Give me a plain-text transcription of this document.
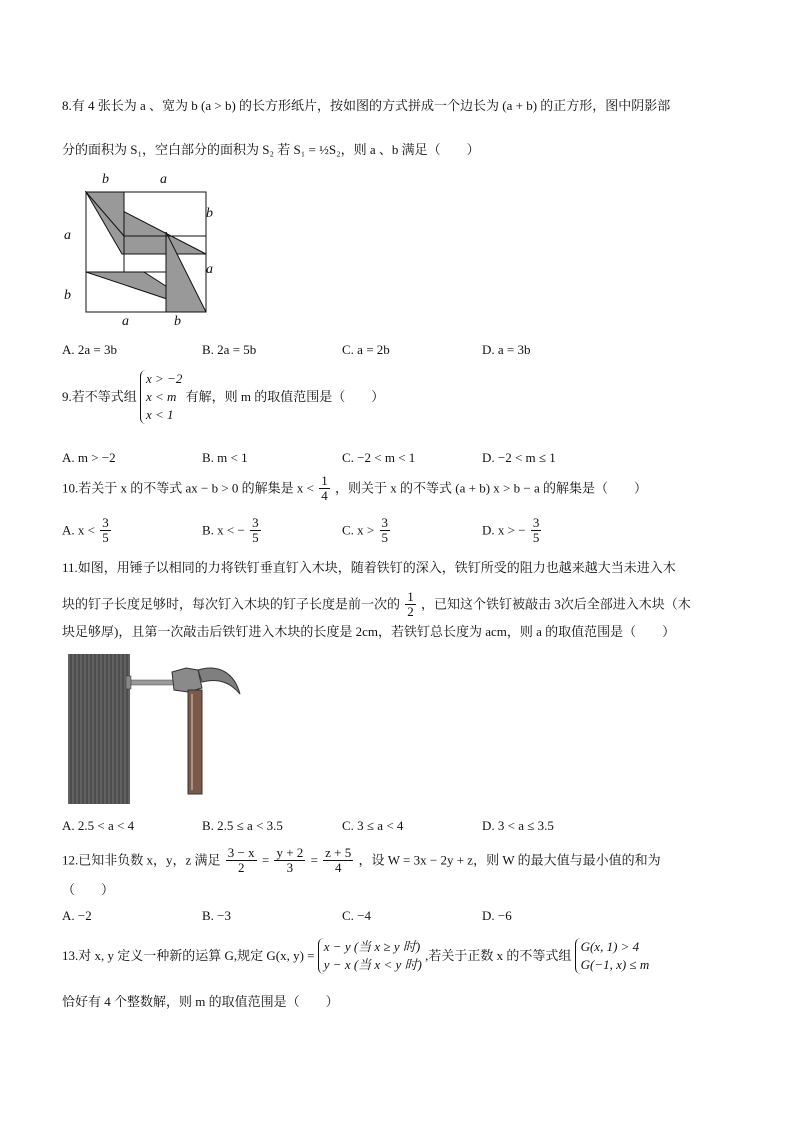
8.有 4 张长为 a 、宽为 b (a > b) 的长方形纸片，按如图的方式拼成一个边长为 (a + b) 的正方形，图中阴影部
分的面积为 S₁，空白部分的面积为 S₂ 若 S₁ = ½S₂，则 a 、b 满足（　　）
b	a
b
a
a
b
a	b
A. 2a = 3b	B. 2a = 5b	C. a = 2b	D. a = 3b
9.若不等式组
x > −2
x < m
x < 1
有解，则 m 的取值范围是（　　）
A. m > −2	B. m < 1	C. −2 < m < 1	D. −2 < m ≤ 1
10.若关于 x 的不等式 ax − b > 0 的解集是 $x < \frac{1}{4}$ ，则关于 x 的不等式 (a + b) x > b − a 的解集是（　　）
A. $x < \frac{3}{5}$	B. x < − $\frac{3}{5}$	C. $x > \frac{3}{5}$	D. x > − $\frac{3}{5}$
11.如图，用锤子以相同的力将铁钉垂直钉入木块，随着铁钉的深入，铁钉所受的阻力也越来越大当未进入木
块的钉子长度足够时，每次钉入木块的钉子长度是前一次的 $\frac{1}{2}$ ，已知这个铁钉被敲击 3次后全部进入木块（木
块足够厚)，且第一次敲击后铁钉进入木块的长度是 2cm，若铁钉总长度为 acm，则 a 的取值范围是（　　）
A. 2.5 < a < 4	B. 2.5 ≤ a < 3.5	C. 3 ≤ a < 4	D. 3 < a ≤ 3.5
12.已知非负数 x，y，z 满足 $\frac{3 - x}{2} = \frac{y + 2}{3} = \frac{z + 5}{4}$ ，设 W = 3x − 2y + z，则 W 的最大值与最小值的和为
（　　）
A. −2	B. −3	C. −4	D. −6
13.对 x, y 定义一种新的运算 G,规定 G(x, y) =
x − y (当 x ≥ y 时)
y − x (当 x < y 时)
,若关于正数 x 的不等式组
G(x, 1) > 4
G(−1, x) ≤ m
恰好有 4 个整数解，则 m 的取值范围是（　　）
